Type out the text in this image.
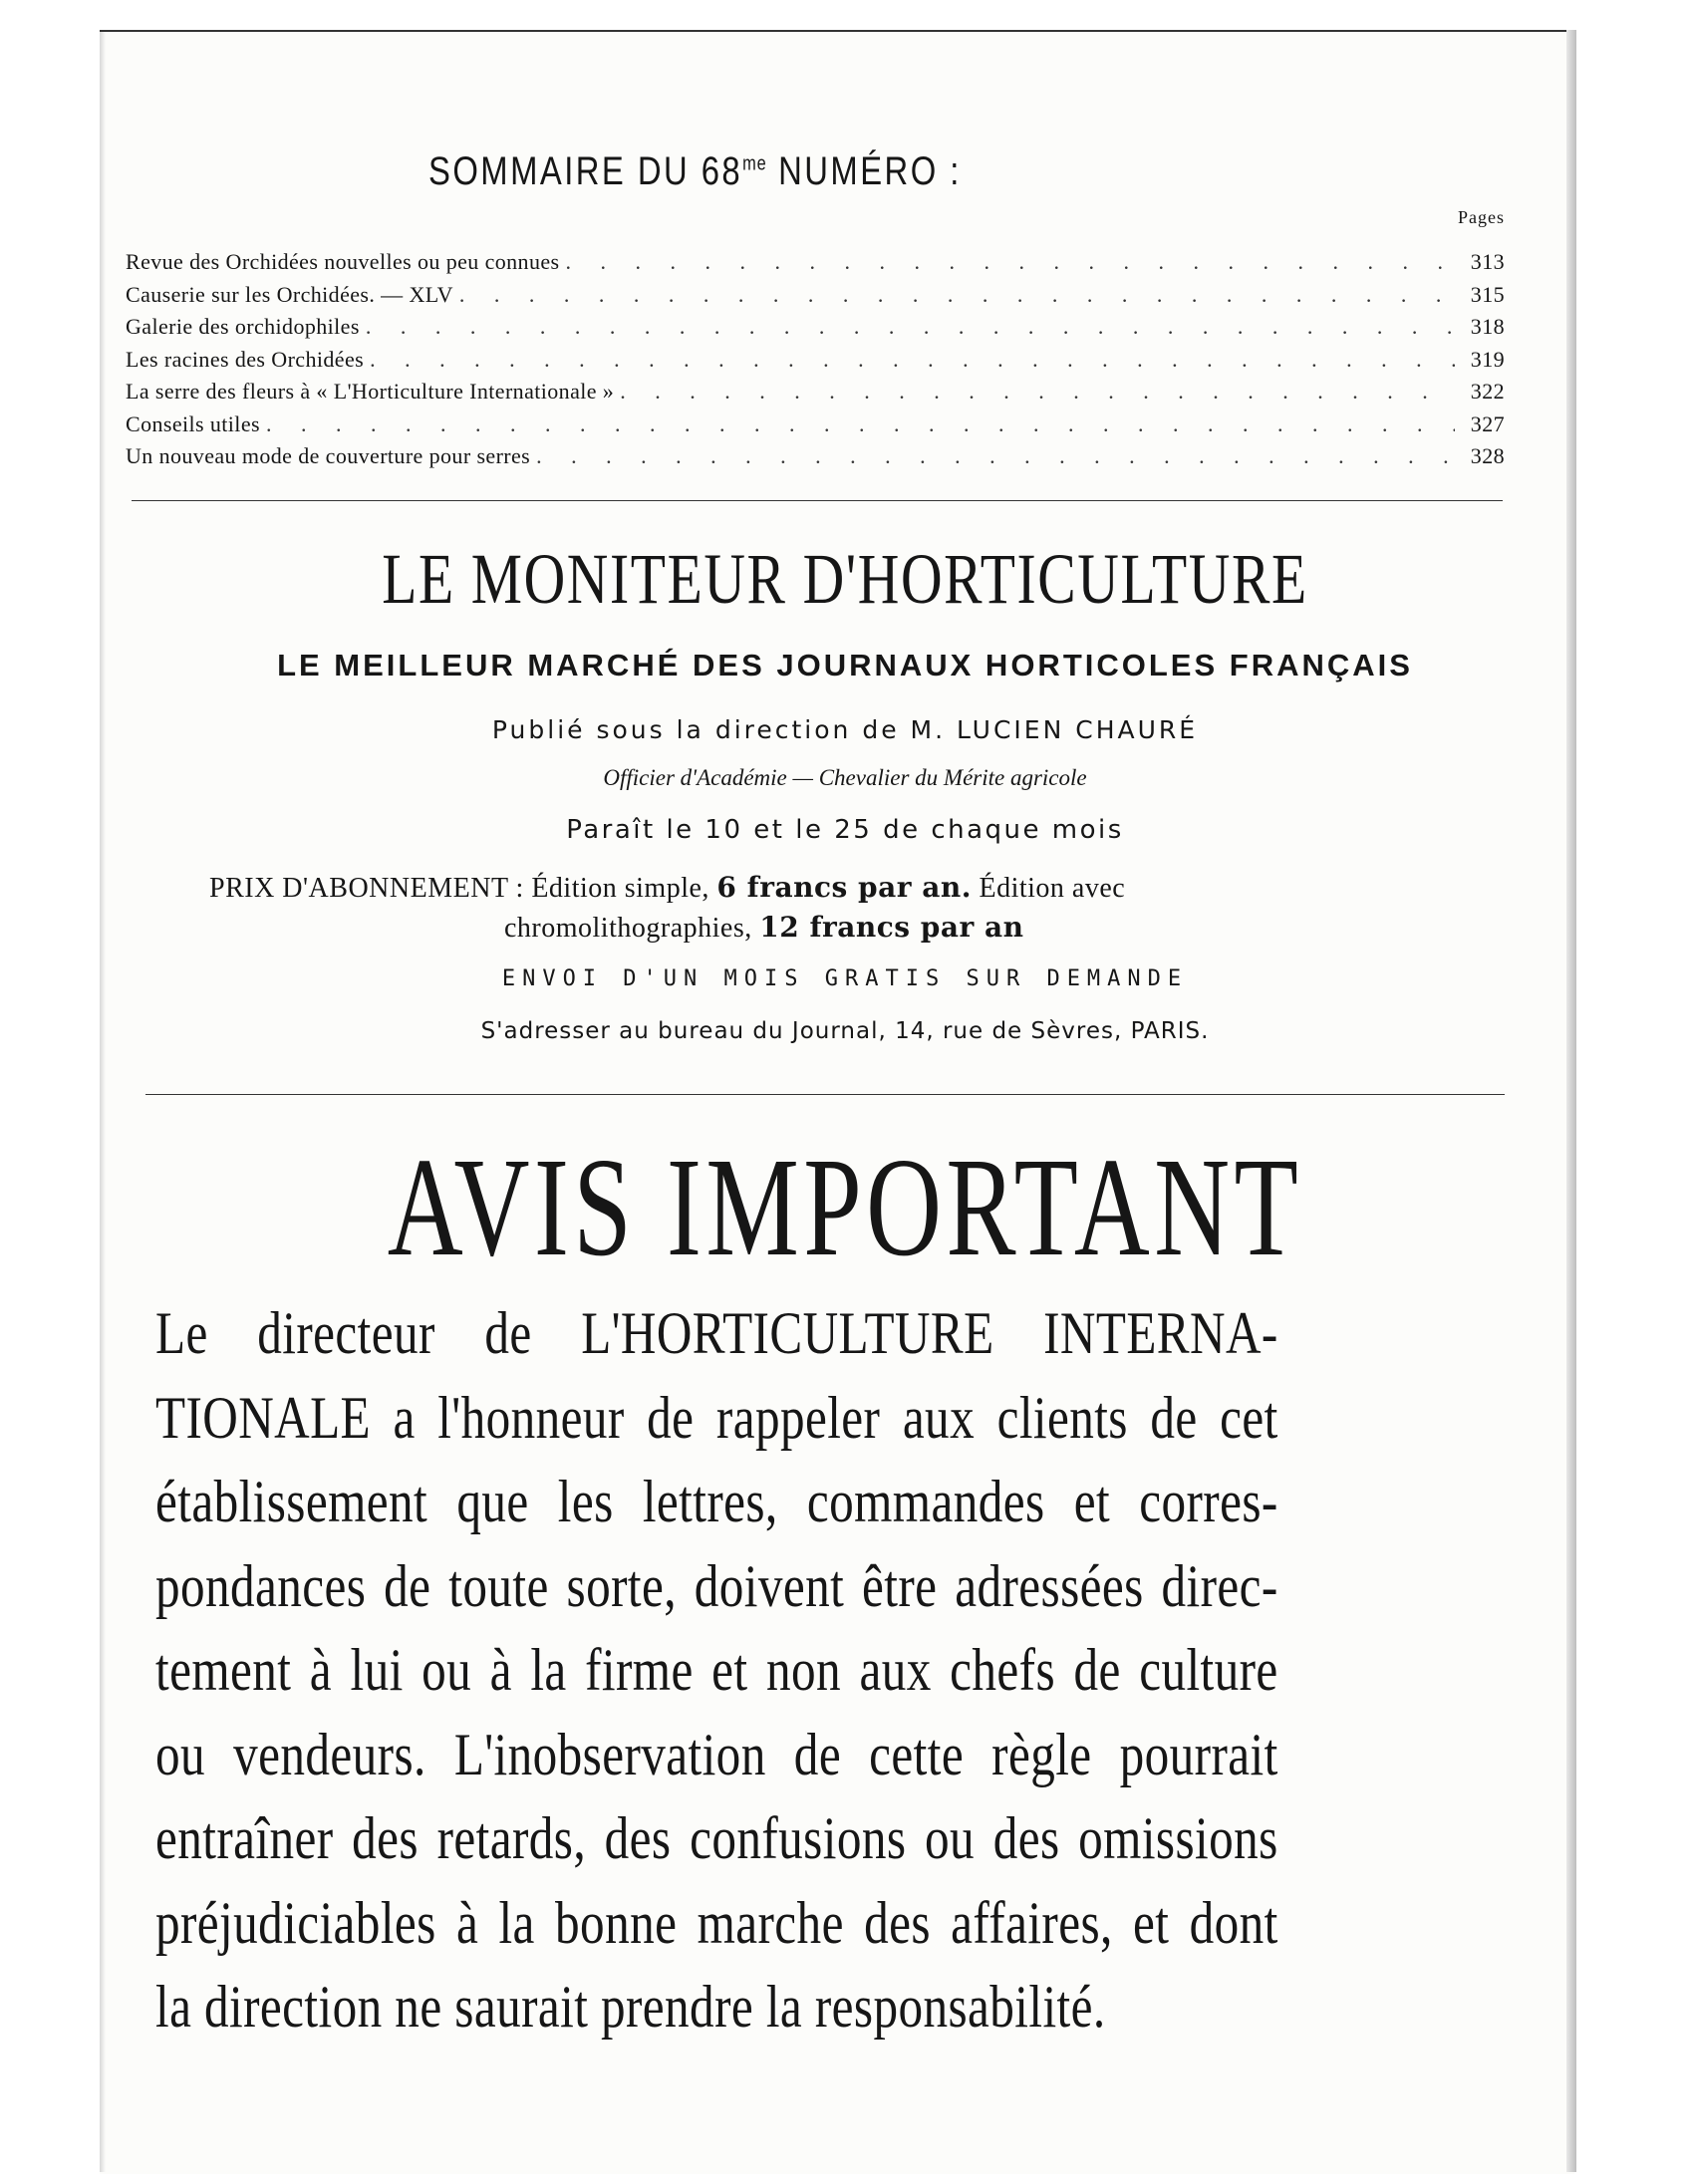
SOMMAIRE DU $68^{me}$ NUMÉRO :
Pages
Revue des Orchidées nouvelles ou peu connues . . .	313
Causerie sur les Orchidées. — XLV . . .	315
Galerie des orchidophiles . . .	318
Les racines des Orchidées . . .	319
La serre des fleurs à « L'Horticulture Internationale » . . .	322
Conseils utiles . . .	327
Un nouveau mode de couverture pour serres . . .	328
LE MONITEUR D'HORTICULTURE
LE MEILLEUR MARCHÉ DES JOURNAUX HORTICOLES FRANÇAIS
Publié sous la direction de M. LUCIEN CHAURÉ
Officier d'Académie — Chevalier du Mérite agricole
Paraît le 10 et le 25 de chaque mois
PRIX D'ABONNEMENT : Édition simple, 6 francs par an. Édition avec
chromolithographies, 12 francs par an
ENVOI D'UN MOIS GRATIS SUR DEMANDE
S'adresser au bureau du Journal, 14, rue de Sèvres, PARIS.
AVIS IMPORTANT
Le directeur de L'HORTICULTURE INTERNA-
TIONALE a l'honneur de rappeler aux clients de cet
établissement que les lettres, commandes et corres-
pondances de toute sorte, doivent être adressées direc-
tement à lui ou à la firme et non aux chefs de culture
ou vendeurs. L'inobservation de cette règle pourrait
entraîner des retards, des confusions ou des omissions
préjudiciables à la bonne marche des affaires, et dont
la direction ne saurait prendre la responsabilité.
